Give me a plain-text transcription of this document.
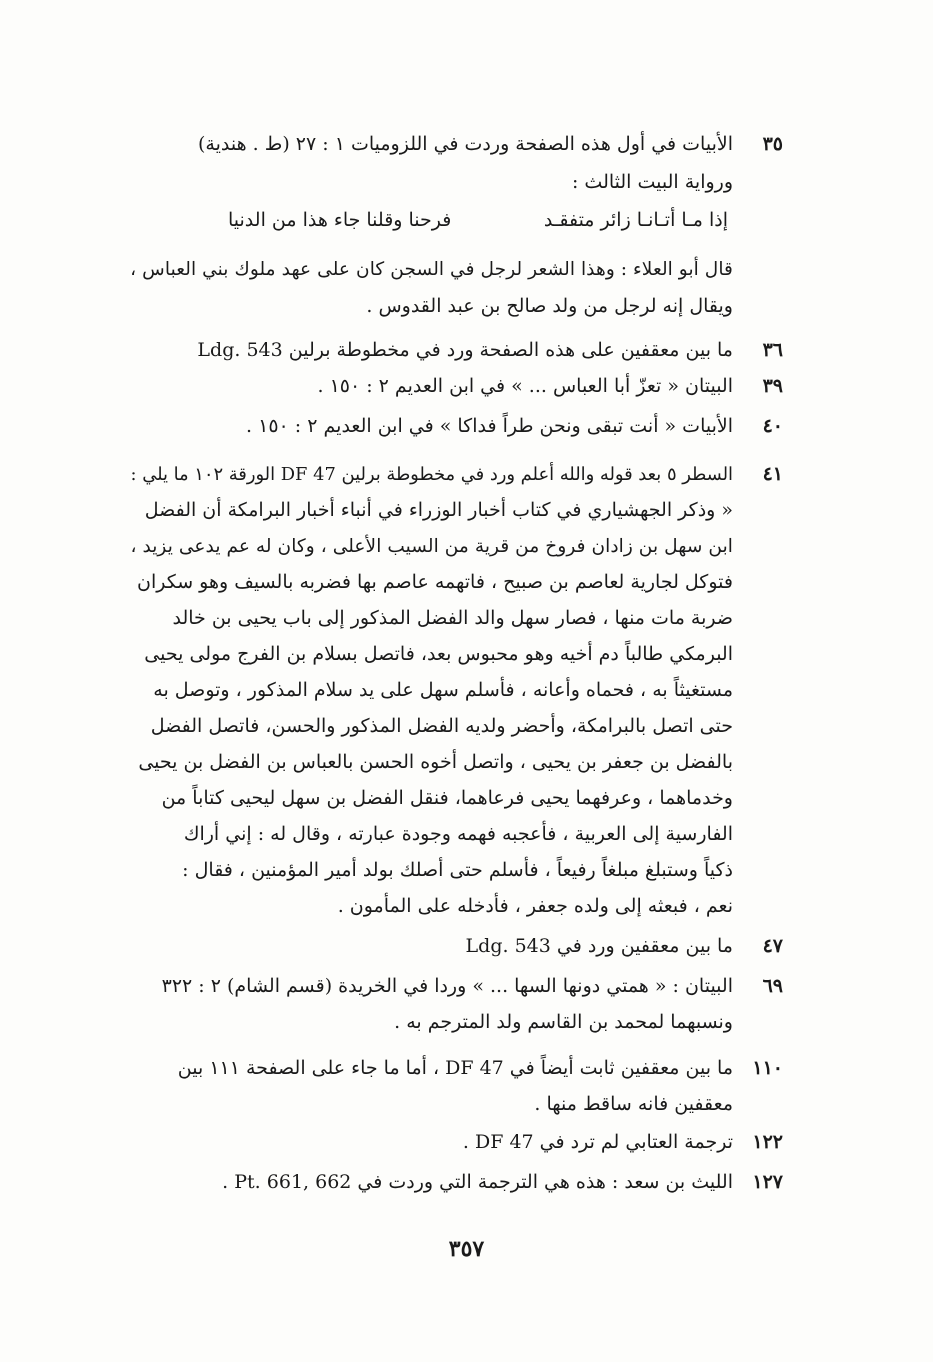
٣٥
الأبيات في أول هذه الصفحة وردت في اللزوميات ١ : ٢٧ (ط . هندية)
ورواية البيت الثالث :
إذا مـا أتـانـا زائر متفقـد
فرحنا وقلنا جاء هذا من الدنيا
قال أبو العلاء : وهذا الشعر لرجل في السجن كان على عهد ملوك بني العباس ،
ويقال إنه لرجل من ولد صالح بن عبد القدوس .
٣٦
ما بين معقفين على هذه الصفحة ورد في مخطوطة برلين Ldg. 543
٣٩
البيتان « تعزّ أبا العباس ... » في ابن العديم ٢ : ١٥٠ .
٤٠
الأبيات « أنت تبقى ونحن طراً فداكا » في ابن العديم ٢ : ١٥٠ .
٤١
السطر ٥ بعد قوله والله أعلم ورد في مخطوطة برلين DF 47 الورقة ١٠٢ ما يلي :
« وذكر الجهشياري في كتاب أخبار الوزراء في أنباء أخبار البرامكة أن الفضل
ابن سهل بن زادان فروخ من قرية من السيب الأعلى ، وكان له عم يدعى يزيد ،
فتوكل لجارية لعاصم بن صبيح ، فاتهمه عاصم بها فضربه بالسيف وهو سكران
ضربة مات منها ، فصار سهل والد الفضل المذكور إلى باب يحيى بن خالد
البرمكي طالباً دم أخيه وهو محبوس بعد، فاتصل بسلام بن الفرج مولى يحيى
مستغيثاً به ، فحماه وأعانه ، فأسلم سهل على يد سلام المذكور ، وتوصل به
حتى اتصل بالبرامكة، وأحضر ولديه الفضل المذكور والحسن، فاتصل الفضل
بالفضل بن جعفر بن يحيى ، واتصل أخوه الحسن بالعباس بن الفضل بن يحيى
وخدماهما ، وعرفهما يحيى فرعاهما، فنقل الفضل بن سهل ليحيى كتاباً من
الفارسية إلى العربية ، فأعجبه فهمه وجودة عبارته ، وقال له : إني أراك
ذكياً وستبلغ مبلغاً رفيعاً ، فأسلم حتى أصلك بولد أمير المؤمنين ، فقال :
نعم ، فبعثه إلى ولده جعفر ، فأدخله على المأمون .
٤٧
ما بين معقفين ورد في Ldg. 543
٦٩
البيتان : « همتي دونها السها ... » وردا في الخريدة (قسم الشام) ٢ : ٣٢٢
ونسبهما لمحمد بن القاسم ولد المترجم به .
١١٠
ما بين معقفين ثابت أيضاً في DF 47 ، أما ما جاء على الصفحة ١١١ بين
معقفين فانه ساقط منها .
١٢٢
ترجمة العتابي لم ترد في DF 47 .
١٢٧
الليث بن سعد : هذه هي الترجمة التي وردت في Pt. 661, 662 .
٣٥٧
